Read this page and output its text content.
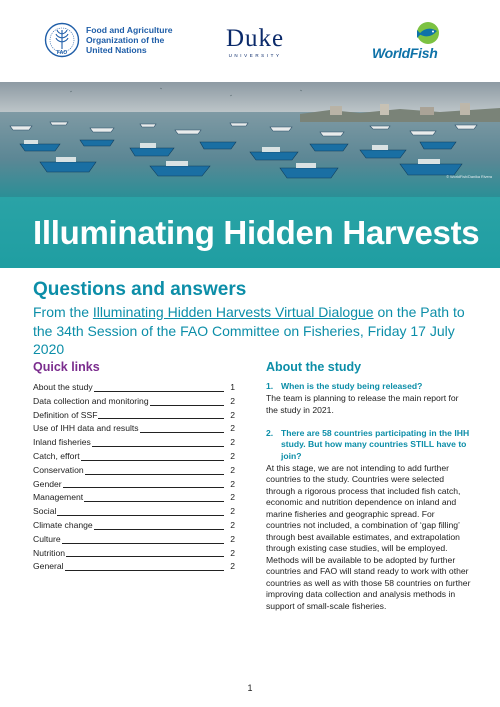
FAO
Food and Agriculture
Organization of the
United Nations	Duke
UNIVERSITY	WorldFish
© WorldFish/Danika Rivera
Illuminating Hidden Harvests
Questions and answers
From the Illuminating Hidden Harvests Virtual Dialogue on the Path to the 34th Session of the FAO Committee on Fisheries, Friday 17 July 2020
Quick links
About the study	1
Data collection and monitoring	2
Definition of SSF	2
Use of IHH data and results	2
Inland fisheries	2
Catch, effort	2
Conservation	2
Gender	2
Management	2
Social	2
Climate change	2
Culture	2
Nutrition	2
General	2
About the study
1. When is the study being released?
The team is planning to release the main report for the study in 2021.
2. There are 58 countries participating in the IHH study. But how many countries STILL have to join?
At this stage, we are not intending to add further countries to the study. Countries were selected through a rigorous process that included fish catch, economic and nutrition dependence on inland and marine fisheries and geographic spread. For countries not included, a combination of ‘gap filling’ through best available estimates, and extrapolation through existing case studies, will be employed. Methods will be available to be adopted by further countries and FAO will stand ready to work with other countries as well as with those 58 countries on further improving data collection and analysis methods in support of small-scale fisheries.
1
